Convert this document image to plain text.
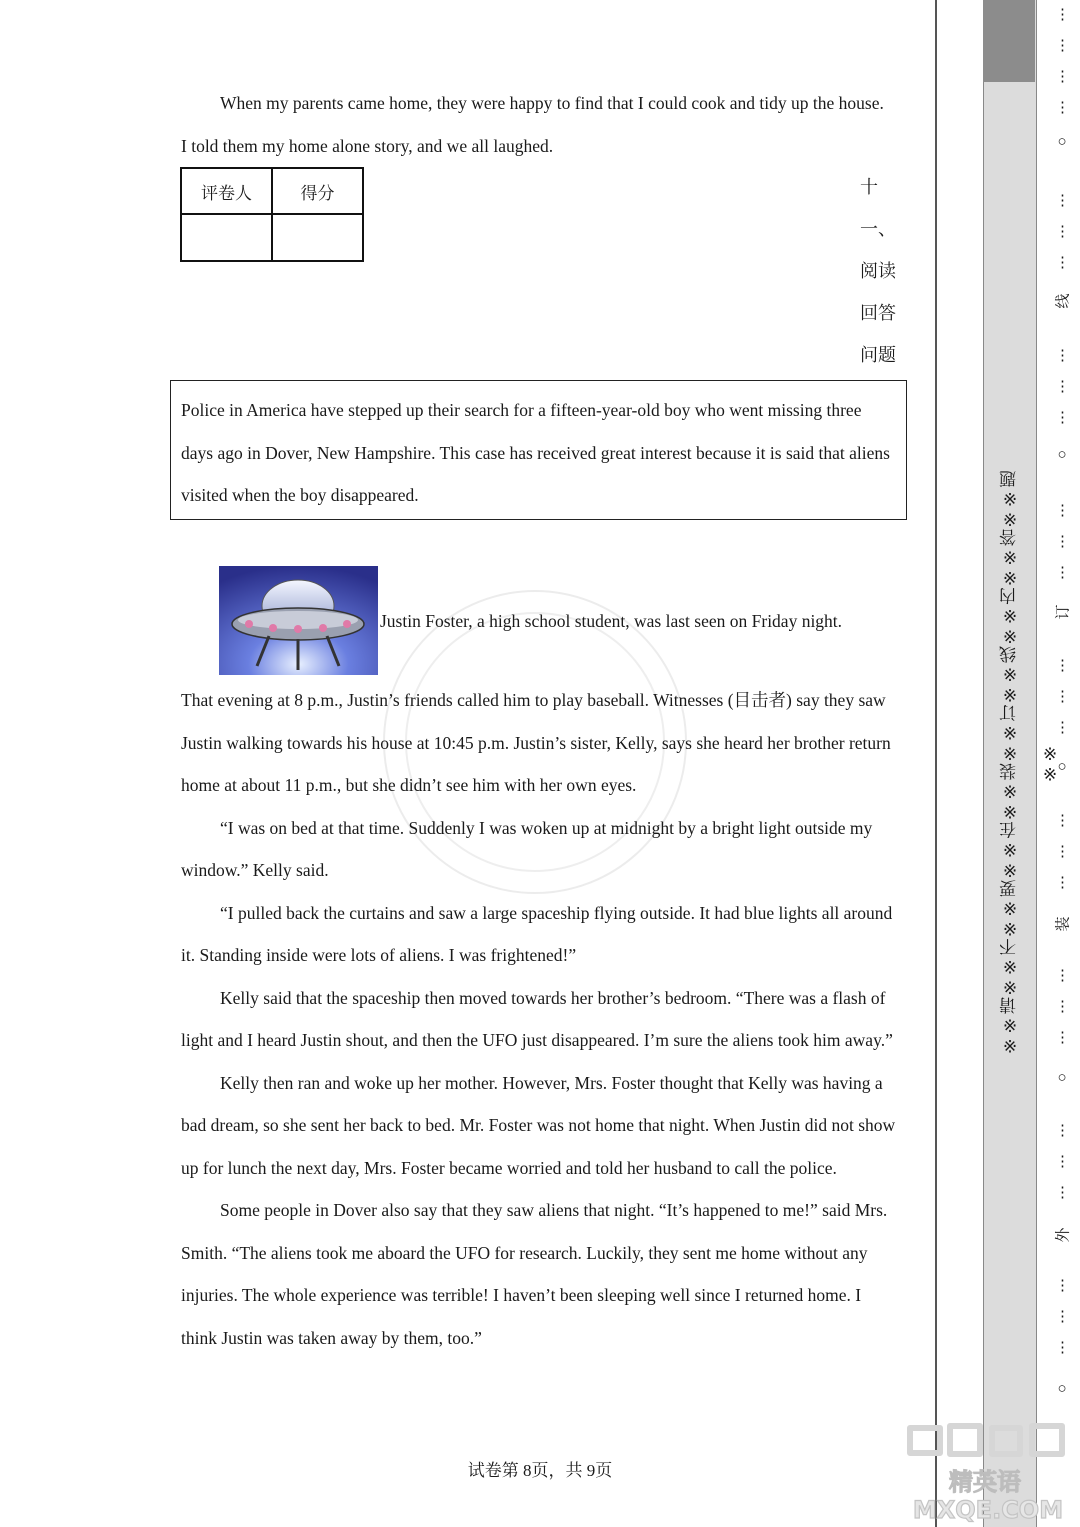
※※请※※不※※要※※在※※装※※订※※线※※内※※答※※题※※
⋮
⋮
⋮
⋮
⋮
⋮
⋮
⋮
⋮
⋮
⋮
⋮
⋮
⋮
⋮
⋮
⋮
⋮
⋮
⋮
⋮
⋮
⋮
⋮
⋮
⋮
⋮
⋮
○
线
○
订
○
装
○
外
○

When my parents came home, they were happy to find that I could cook and tidy up the house. I told them my home alone story, and we all laughed.

评卷人	得分
		十
一、
阅读
回答
问题

Police in America have stepped up their search for a fifteen-year-old boy who went missing three days ago in Dover, New Hampshire. This case has received great interest because it is said that aliens visited when the boy disappeared.

Justin Foster, a high school student, was last seen on Friday night.
That evening at 8 p.m., Justin’s friends called him to play baseball. Witnesses (目击者) say they saw Justin walking towards his house at 10:45 p.m. Justin’s sister, Kelly, says she heard her brother return home at about 11 p.m., but she didn’t see him with her own eyes.
“I was on bed at that time. Suddenly I was woken up at midnight by a bright light outside my window.” Kelly said.
“I pulled back the curtains and saw a large spaceship flying outside. It had blue lights all around it. Standing inside were lots of aliens. I was frightened!”
Kelly said that the spaceship then moved towards her brother’s bedroom. “There was a flash of light and I heard Justin shout, and then the UFO just disappeared. I’m sure the aliens took him away.”
Kelly then ran and woke up her mother. However, Mrs. Foster thought that Kelly was having a bad dream, so she sent her back to bed. Mr. Foster was not home that night. When Justin did not show up for lunch the next day, Mrs. Foster became worried and told her husband to call the police.
Some people in Dover also say that they saw aliens that night. “It’s happened to me!” said Mrs. Smith. “The aliens took me aboard the UFO for research. Luckily, they sent me home without any injuries. The whole experience was terrible! I haven’t been sleeping well since I returned home. I think Justin was taken away by them, too.”
试卷第 8页，共 9页	精英语
MXQE.COM
